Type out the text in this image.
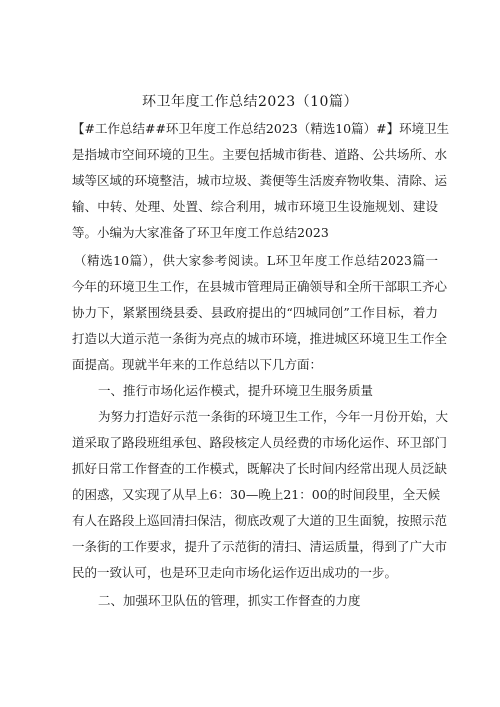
环卫年度工作总结2023（10篇）
【#工作总结##环卫年度工作总结2023（精选10篇）#】环境卫生
是指城市空间环境的卫生。主要包括城市街巷、道路、公共场所、水
域等区域的环境整洁，城市垃圾、粪便等生活废弃物收集、清除、运
输、中转、处理、处置、综合利用，城市环境卫生设施规划、建设
等。小编为大家准备了环卫年度工作总结2023
（精选10篇），供大家参考阅读。L环卫年度工作总结2023篇一
今年的环境卫生工作，在县城市管理局正确领导和全所干部职工齐心
协力下，紧紧围绕县委、县政府提出的“四城同创”工作目标，着力
打造以大道示范一条街为亮点的城市环境，推进城区环境卫生工作全
面提高。现就半年来的工作总结以下几方面：
一、推行市场化运作模式，提升环境卫生服务质量
为努力打造好示范一条街的环境卫生工作，今年一月份开始，大
道采取了路段班组承包、路段核定人员经费的市场化运作、环卫部门
抓好日常工作督查的工作模式，既解决了长时间内经常出现人员泛缺
的困惑，又实现了从早上6：30—晚上21：00的时间段里，全天候
有人在路段上巡回清扫保洁，彻底改观了大道的卫生面貌，按照示范
一条街的工作要求，提升了示范街的清扫、清运质量，得到了广大市
民的一致认可，也是环卫走向市场化运作迈出成功的一步。
二、加强环卫队伍的管理，抓实工作督查的力度
